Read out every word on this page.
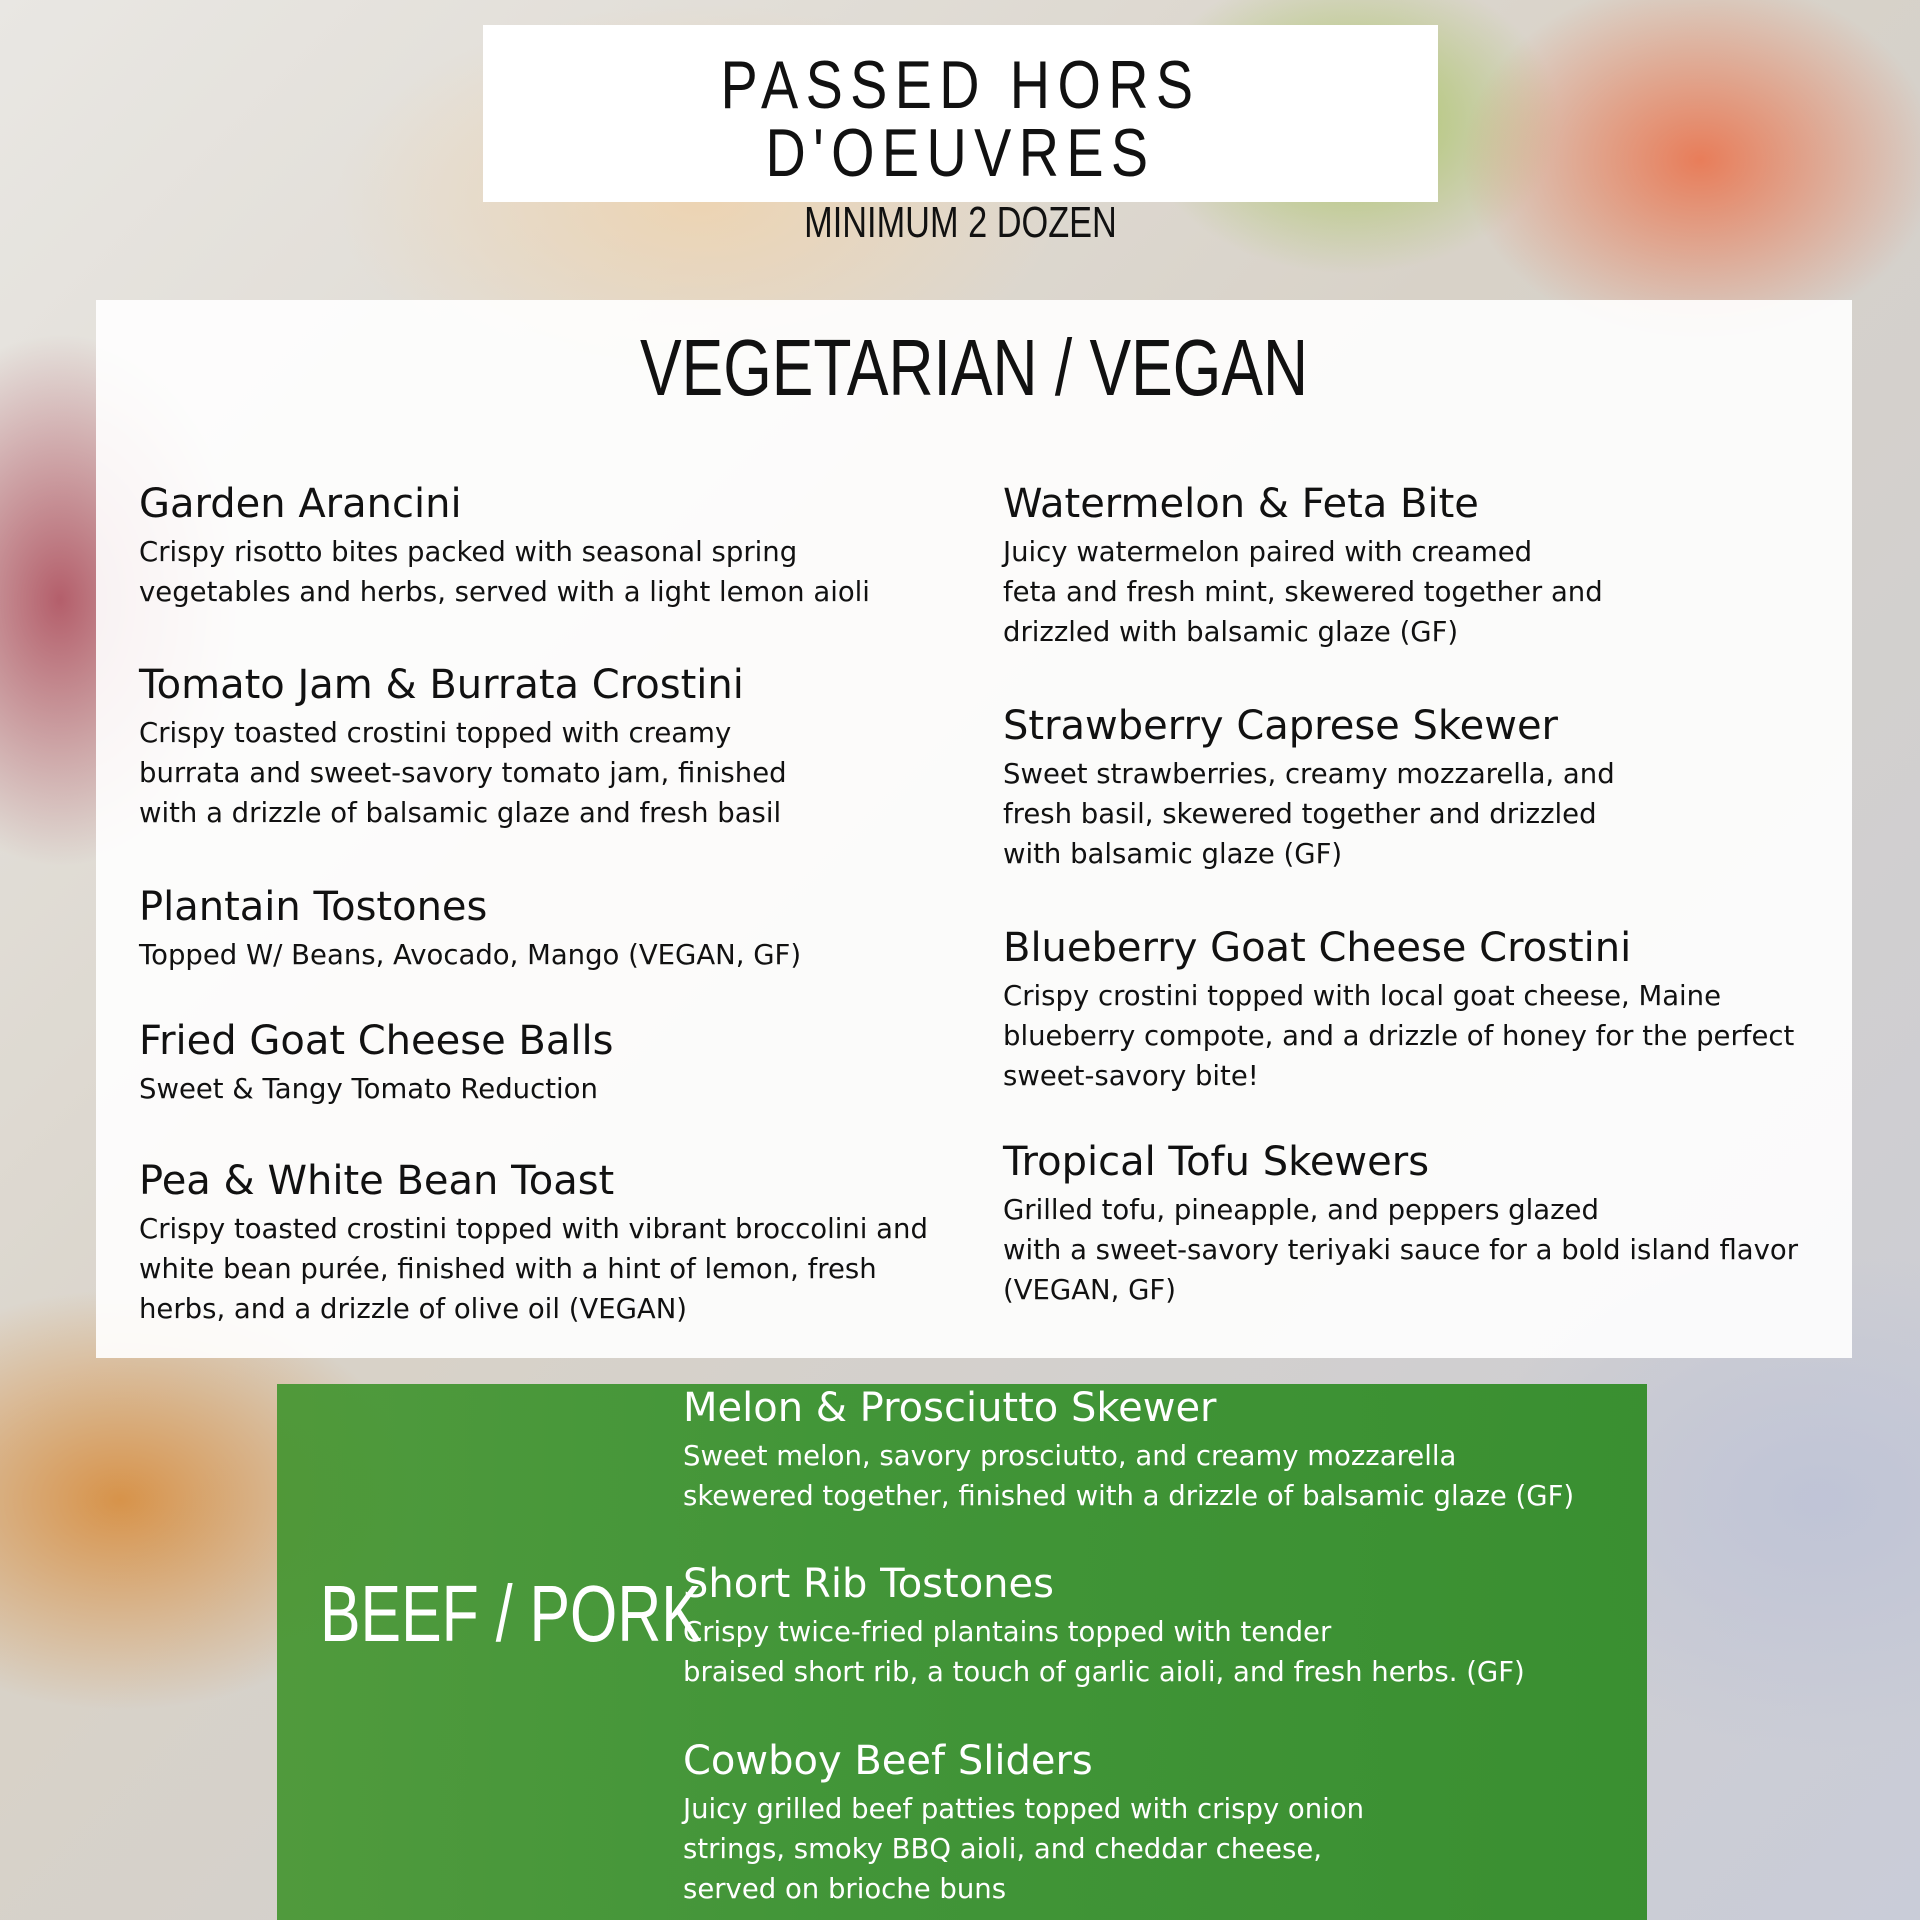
PASSED HORS D'OEUVRES
MINIMUM 2 DOZEN
VEGETARIAN / VEGAN
Garden Arancini
Crispy risotto bites packed with seasonal spring
vegetables and herbs, served with a light lemon aioli
Tomato Jam & Burrata Crostini
Crispy toasted crostini topped with creamy
burrata and sweet-savory tomato jam, finished
with a drizzle of balsamic glaze and fresh basil
Plantain Tostones
Topped W/ Beans, Avocado, Mango (VEGAN, GF)
Fried Goat Cheese Balls
Sweet & Tangy Tomato Reduction
Pea & White Bean Toast
Crispy toasted crostini topped with vibrant broccolini and
white bean purée, finished with a hint of lemon, fresh
herbs, and a drizzle of olive oil (VEGAN)
Watermelon & Feta Bite
Juicy watermelon paired with creamed
feta and fresh mint, skewered together and
drizzled with balsamic glaze (GF)
Strawberry Caprese Skewer
Sweet strawberries, creamy mozzarella, and
fresh basil, skewered together and drizzled
with balsamic glaze (GF)
Blueberry Goat Cheese Crostini
Crispy crostini topped with local goat cheese, Maine
blueberry compote, and a drizzle of honey for the perfect
sweet-savory bite!
Tropical Tofu Skewers
Grilled tofu, pineapple, and peppers glazed
with a sweet-savory teriyaki sauce for a bold island flavor
(VEGAN, GF)
BEEF / PORK
Melon & Prosciutto Skewer
Sweet melon, savory prosciutto, and creamy mozzarella
skewered together, finished with a drizzle of balsamic glaze (GF)
Short Rib Tostones
Crispy twice-fried plantains topped with tender
braised short rib, a touch of garlic aioli, and fresh herbs. (GF)
Cowboy Beef Sliders
Juicy grilled beef patties topped with crispy onion
strings, smoky BBQ aioli, and cheddar cheese,
served on brioche buns
